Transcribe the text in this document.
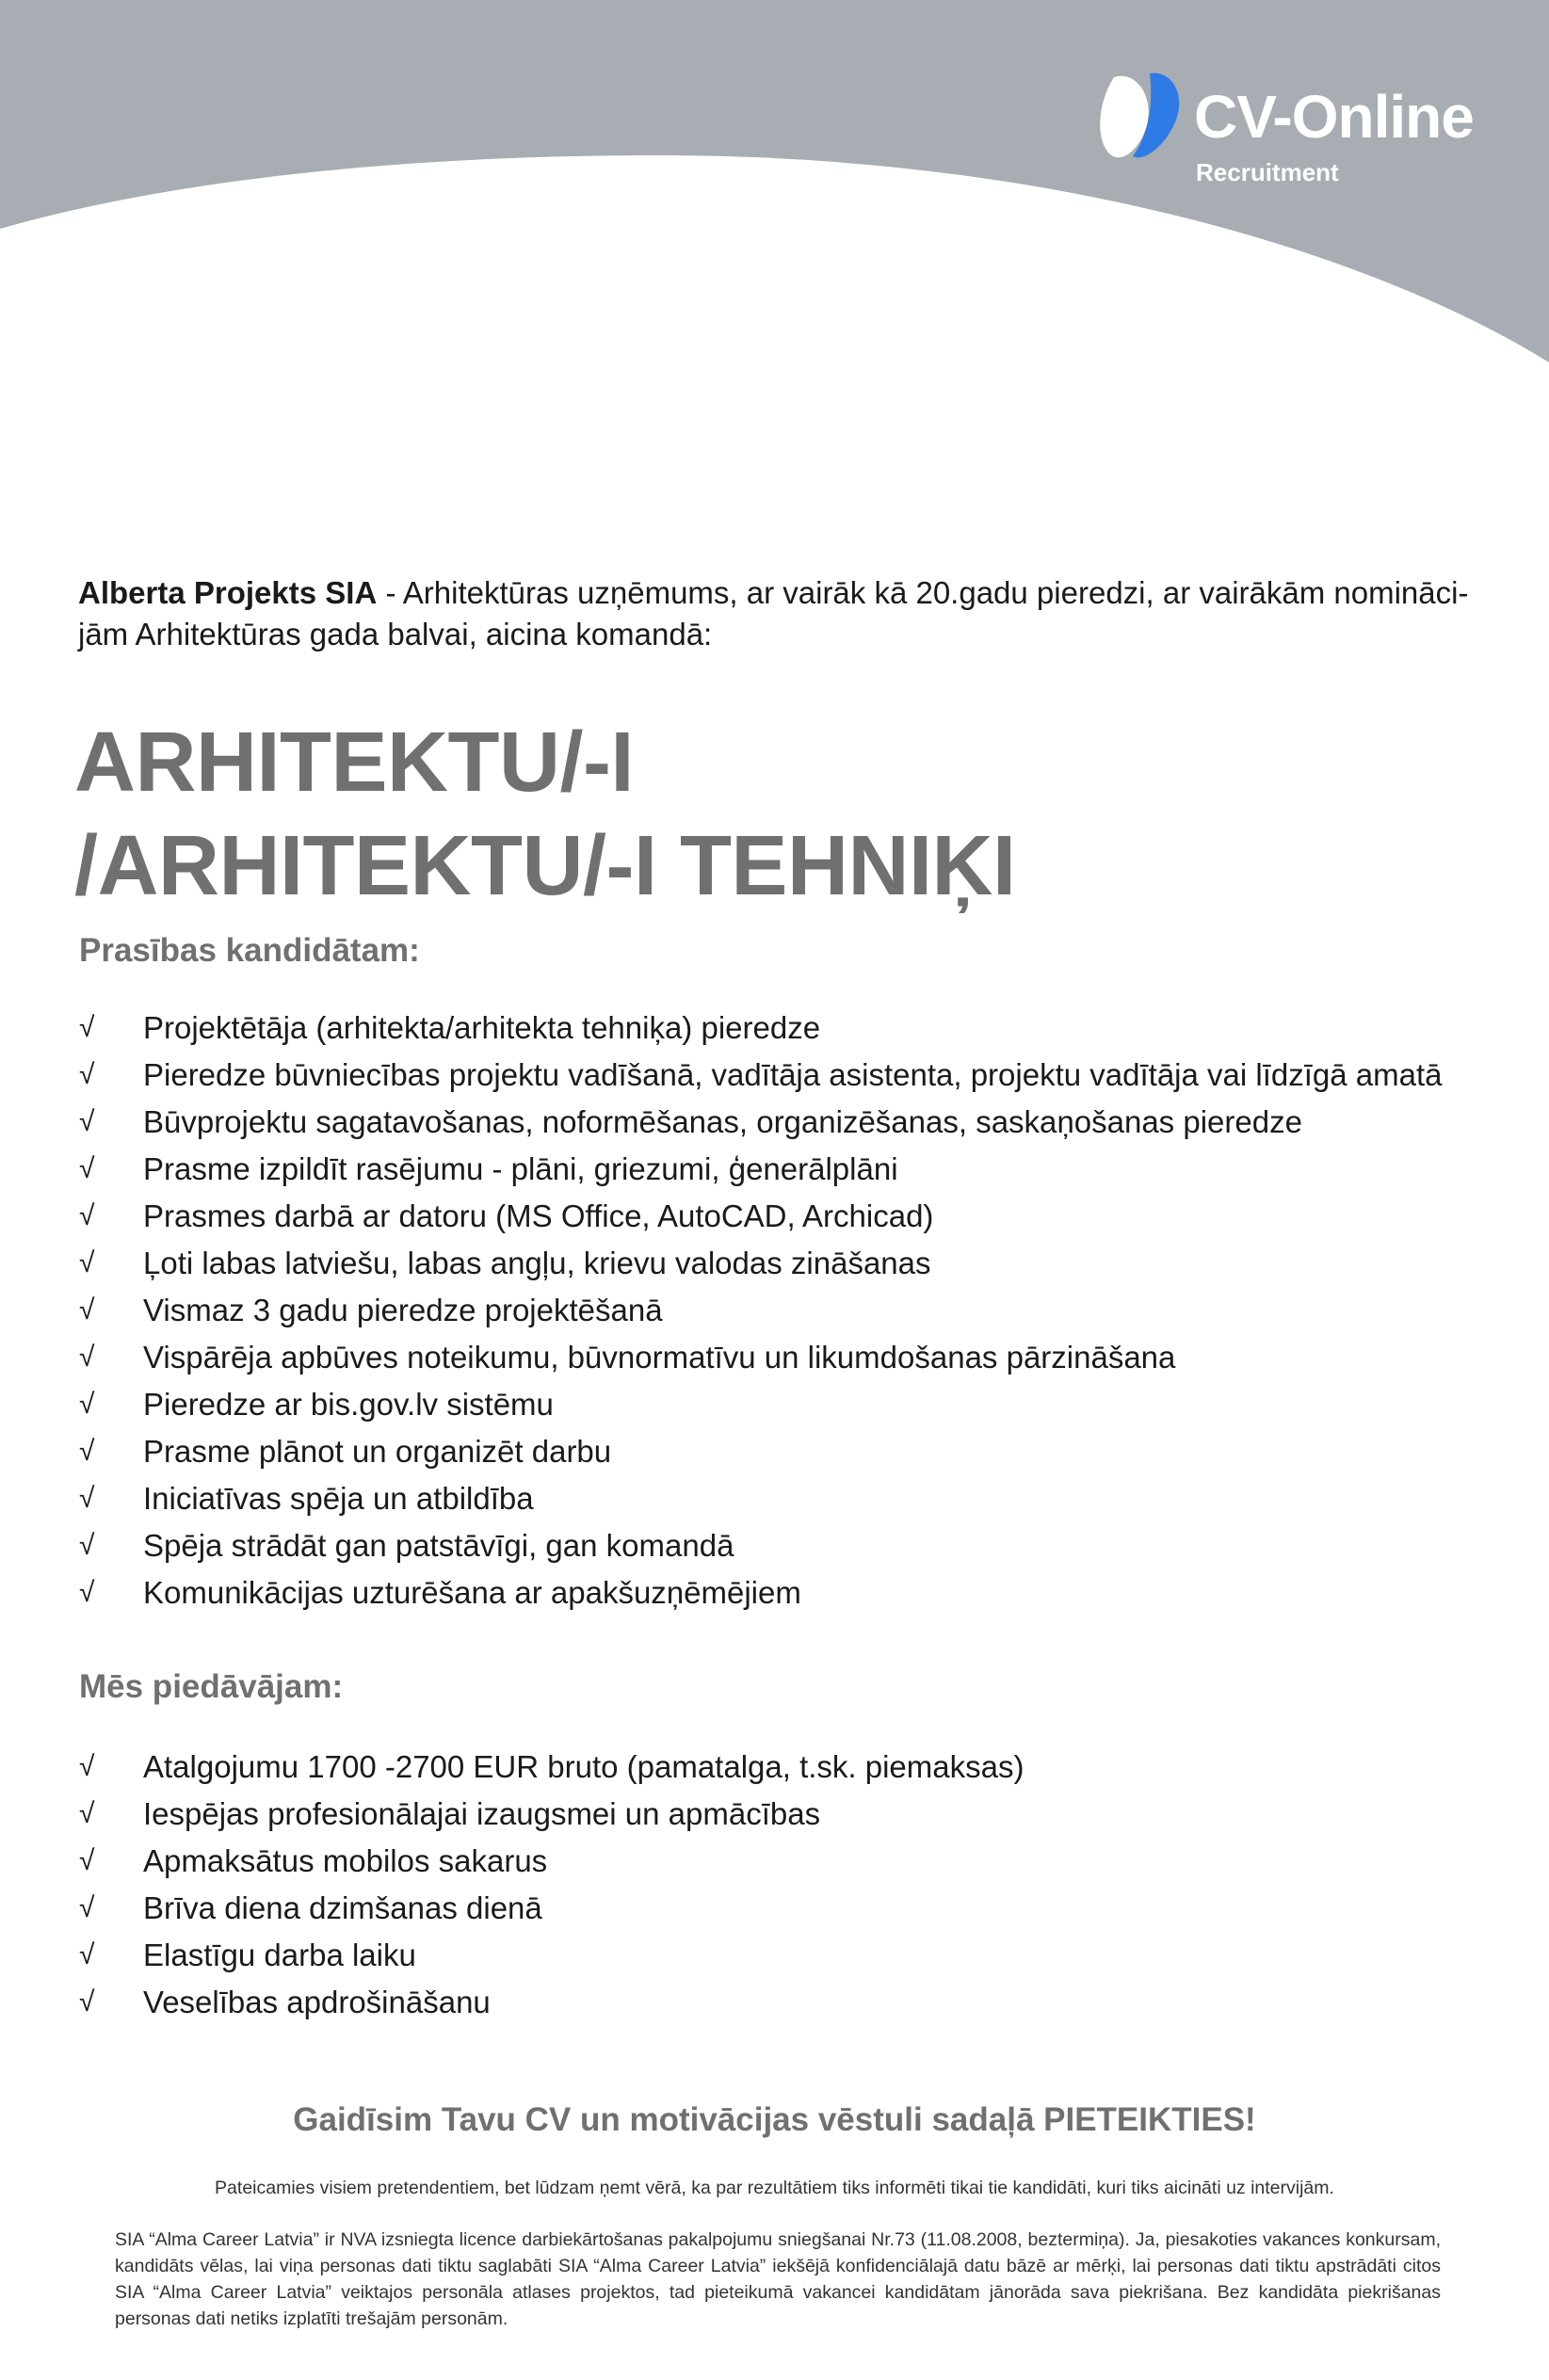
CV-Online
Recruitment
Alberta Projekts SIA - Arhitektūras uzņēmums, ar vairāk kā 20.gadu pieredzi, ar vairākām nomināci-
jām Arhitektūras gada balvai, aicina komandā:
ARHITEKTU/-I
/ARHITEKTU/-I TEHNIĶI
Prasības kandidātam:
√	Projektētāja (arhitekta/arhitekta tehniķa) pieredze
√	Pieredze būvniecības projektu vadīšanā, vadītāja asistenta, projektu vadītāja vai līdzīgā amatā
√	Būvprojektu sagatavošanas, noformēšanas, organizēšanas, saskaņošanas pieredze
√	Prasme izpildīt rasējumu - plāni, griezumi, ģenerālplāni
√	Prasmes darbā ar datoru (MS Office, AutoCAD, Archicad)
√	Ļoti labas latviešu, labas angļu, krievu valodas zināšanas
√	Vismaz 3 gadu pieredze projektēšanā
√	Vispārēja apbūves noteikumu, būvnormatīvu un likumdošanas pārzināšana
√	Pieredze ar bis.gov.lv sistēmu
√	Prasme plānot un organizēt darbu
√	Iniciatīvas spēja un atbildība
√	Spēja strādāt gan patstāvīgi, gan komandā
√	Komunikācijas uzturēšana ar apakšuzņēmējiem
Mēs piedāvājam:
√	Atalgojumu 1700 -2700 EUR bruto (pamatalga, t.sk. piemaksas)
√	Iespējas profesionālajai izaugsmei un apmācības
√	Apmaksātus mobilos sakarus
√	Brīva diena dzimšanas dienā
√	Elastīgu darba laiku
√	Veselības apdrošināšanu
Gaidīsim Tavu CV un motivācijas vēstuli sadaļā PIETEIKTIES!
Pateicamies visiem pretendentiem, bet lūdzam ņemt vērā, ka par rezultātiem tiks informēti tikai tie kandidāti, kuri tiks aicināti uz intervijām.
SIA “Alma Career Latvia” ir NVA izsniegta licence darbiekārtošanas pakalpojumu sniegšanai Nr.73 (11.08.2008, beztermiņa). Ja, piesakoties vakances konkursam, kandidāts vēlas, lai viņa personas dati tiktu saglabāti SIA “Alma Career Latvia” iekšējā konfidenciālajā datu bāzē ar mērķi, lai personas dati tiktu apstrādāti citos SIA “Alma Career Latvia” veiktajos personāla atlases projektos, tad pieteikumā vakancei kandidātam jānorāda sava piekrišana. Bez kandidāta piekrišanas personas dati netiks izplatīti trešajām personām.
